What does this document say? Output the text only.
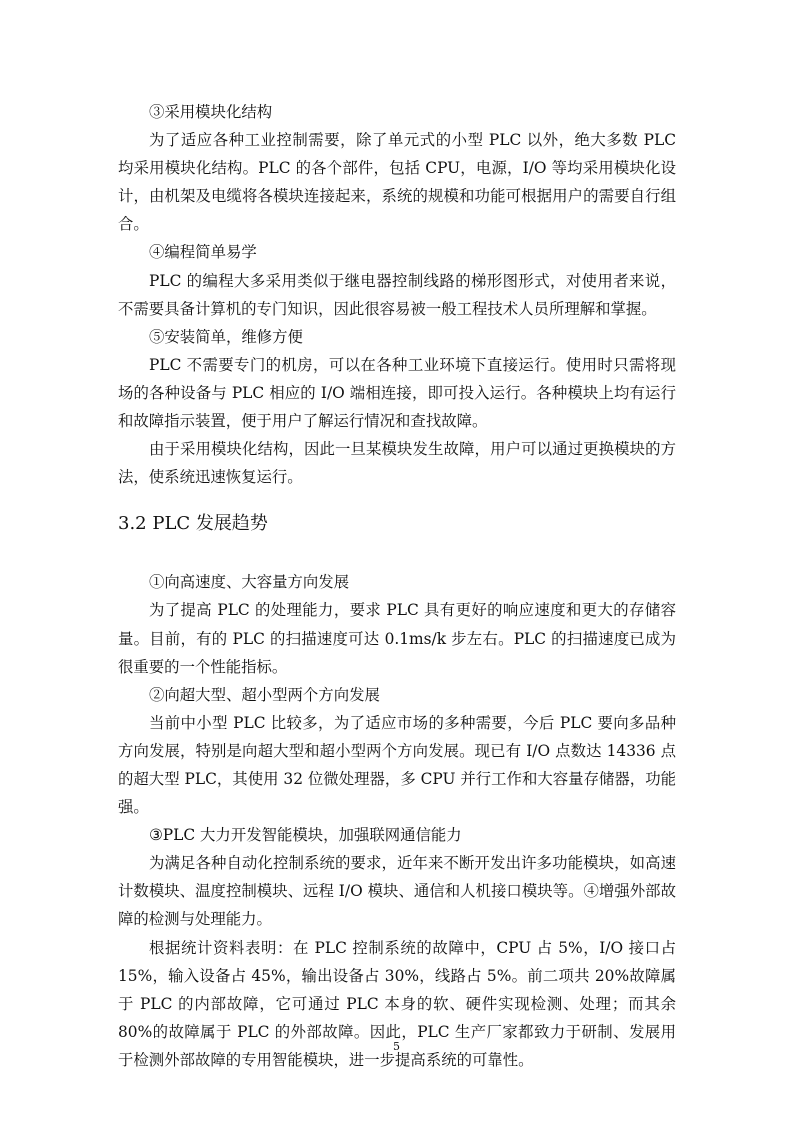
③采用模块化结构

为了适应各种工业控制需要，除了单元式的小型 PLC 以外，绝大多数 PLC 均采用模块化结构。PLC 的各个部件，包括 CPU，电源，I/O 等均采用模块化设计，由机架及电缆将各模块连接起来，系统的规模和功能可根据用户的需要自行组合。

④编程简单易学

PLC 的编程大多采用类似于继电器控制线路的梯形图形式，对使用者来说，不需要具备计算机的专门知识，因此很容易被一般工程技术人员所理解和掌握。

⑤安装简单，维修方便

PLC 不需要专门的机房，可以在各种工业环境下直接运行。使用时只需将现场的各种设备与 PLC 相应的 I/O 端相连接，即可投入运行。各种模块上均有运行和故障指示装置，便于用户了解运行情况和查找故障。

由于采用模块化结构，因此一旦某模块发生故障，用户可以通过更换模块的方法，使系统迅速恢复运行。

3.2 PLC 发展趋势

①向高速度、大容量方向发展

为了提高 PLC 的处理能力，要求 PLC 具有更好的响应速度和更大的存储容量。目前，有的 PLC 的扫描速度可达 0.1ms/k 步左右。PLC 的扫描速度已成为很重要的一个性能指标。

②向超大型、超小型两个方向发展

当前中小型 PLC 比较多，为了适应市场的多种需要，今后 PLC 要向多品种方向发展，特别是向超大型和超小型两个方向发展。现已有 I/O 点数达 14336 点的超大型 PLC，其使用 32 位微处理器，多 CPU 并行工作和大容量存储器，功能强。

③PLC 大力开发智能模块，加强联网通信能力

为满足各种自动化控制系统的要求，近年来不断开发出许多功能模块，如高速计数模块、温度控制模块、远程 I/O 模块、通信和人机接口模块等。④增强外部故障的检测与处理能力。

根据统计资料表明：在 PLC 控制系统的故障中，CPU 占 5%，I/O 接口占 15%，输入设备占 45%，输出设备占 30%，线路占 5%。前二项共 20%故障属于 PLC 的内部故障，它可通过 PLC 本身的软、硬件实现检测、处理；而其余 80%的故障属于 PLC 的外部故障。因此，PLC 生产厂家都致力于研制、发展用于检测外部故障的专用智能模块，进一步提高系统的可靠性。

5
